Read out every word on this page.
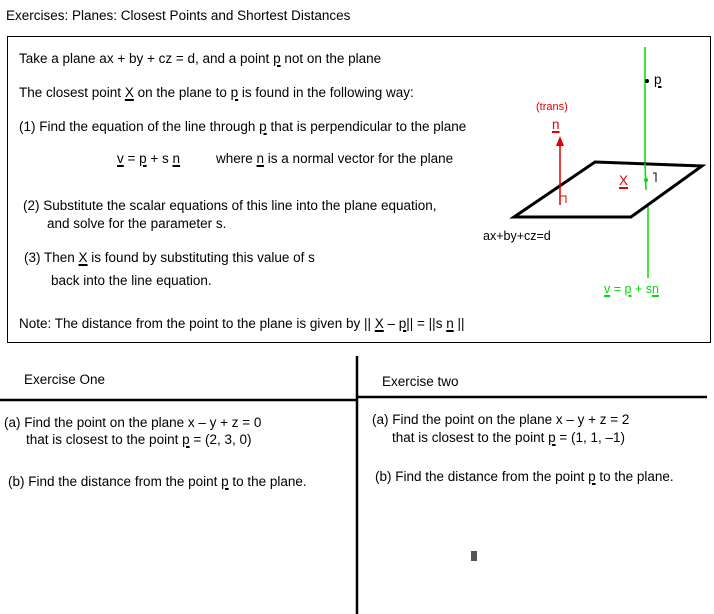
Exercises: Planes: Closest Points and Shortest Distances
Take a plane ax + by + cz = d, and a point p not on the plane
The closest point X on the plane to p is found in the following way:
(1) Find the equation of the line through p that is perpendicular to the plane
v = p + s n	where n is a normal vector for the plane
(2) Substitute the scalar equations of this line into the plane equation,
and solve for the parameter s.
(3) Then X is found by substituting this value of s
back into the line equation.
Note: The distance from the point to the plane is given by || X – p|| = ||s n ||
(trans)
n
p
X
ax+by+cz=d
v = p + sn
Exercise One
(a) Find the point on the plane x – y + z = 0
that is closest to the point p = (2, 3, 0)
(b) Find the distance from the point p to the plane.
Exercise two
(a) Find the point on the plane x – y + z = 2
that is closest to the point p = (1, 1, –1)
(b) Find the distance from the point p to the plane.
